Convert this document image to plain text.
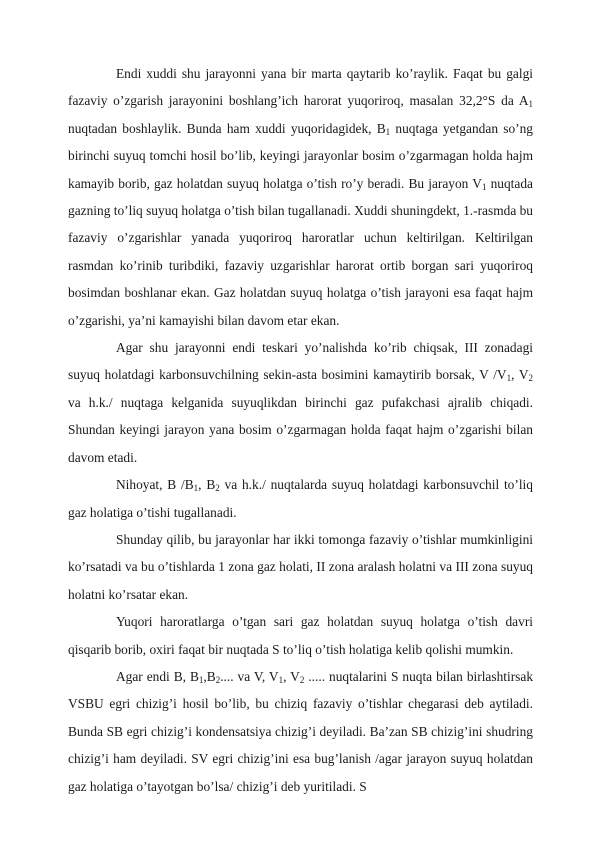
Endi xuddi shu jarayonni yana bir marta qaytarib ko’raylik. Faqat bu galgi fazaviy o’zgarish jarayonini boshlang’ich harorat yuqoriroq, masalan 32,2°S da $A_1$ nuqtadan boshlaylik. Bunda ham xuddi yuqoridagidek, $B_1$ nuqtaga yetgandan so’ng birinchi suyuq tomchi hosil bo’lib, keyingi jarayonlar bosim o’zgarmagan holda hajm kamayib borib, gaz holatdan suyuq holatga o’tish ro’y beradi. Bu jarayon $V_1$ nuqtada gazning to’liq suyuq holatga o’tish bilan tugallanadi. Xuddi shuningdekt, 1.-rasmda bu fazaviy o’zgarishlar yanada yuqoriroq haroratlar uchun keltirilgan. Keltirilgan rasmdan ko’rinib turibdiki, fazaviy uzgarishlar harorat ortib borgan sari yuqoriroq bosimdan boshlanar ekan. Gaz holatdan suyuq holatga o’tish jarayoni esa faqat hajm o’zgarishi, ya’ni kamayishi bilan davom etar ekan.

Agar shu jarayonni endi teskari yo’nalishda ko’rib chiqsak, III zonadagi suyuq holatdagi karbonsuvchilning sekin-asta bosimini kamaytirib borsak, V $/V_1$, $V_2$ va h.k./ nuqtaga kelganida suyuqlikdan birinchi gaz pufakchasi ajralib chiqadi. Shundan keyingi jarayon yana bosim o’zgarmagan holda faqat hajm o’zgarishi bilan davom etadi.

Nihoyat, B $/B_1$, $B_2$ va h.k./ nuqtalarda suyuq holatdagi karbonsuvchil to’liq gaz holatiga o’tishi tugallanadi.

Shunday qilib, bu jarayonlar har ikki tomonga fazaviy o’tishlar mumkinligini ko’rsatadi va bu o’tishlarda 1 zona gaz holati, II zona aralash holatni va III zona suyuq holatni ko’rsatar ekan.

Yuqori haroratlarga o’tgan sari gaz holatdan suyuq holatga o’tish davri qisqarib borib, oxiri faqat bir nuqtada S to’liq o’tish holatiga kelib qolishi mumkin.

Agar endi B, $B_1,B_2$.... va V, $V_1$, $V_2$ ..... nuqtalarini S nuqta bilan birlashtirsak VSBU egri chizig’i hosil bo’lib, bu chiziq fazaviy o’tishlar chegarasi deb aytiladi. Bunda SB egri chizig’i kondensatsiya chizig’i deyiladi. Ba’zan SB chizig’ini shudring chizig’i ham deyiladi. SV egri chizig’ini esa bug’lanish /agar jarayon suyuq holatdan gaz holatiga o’tayotgan bo’lsa/ chizig’i deb yuritiladi. S
